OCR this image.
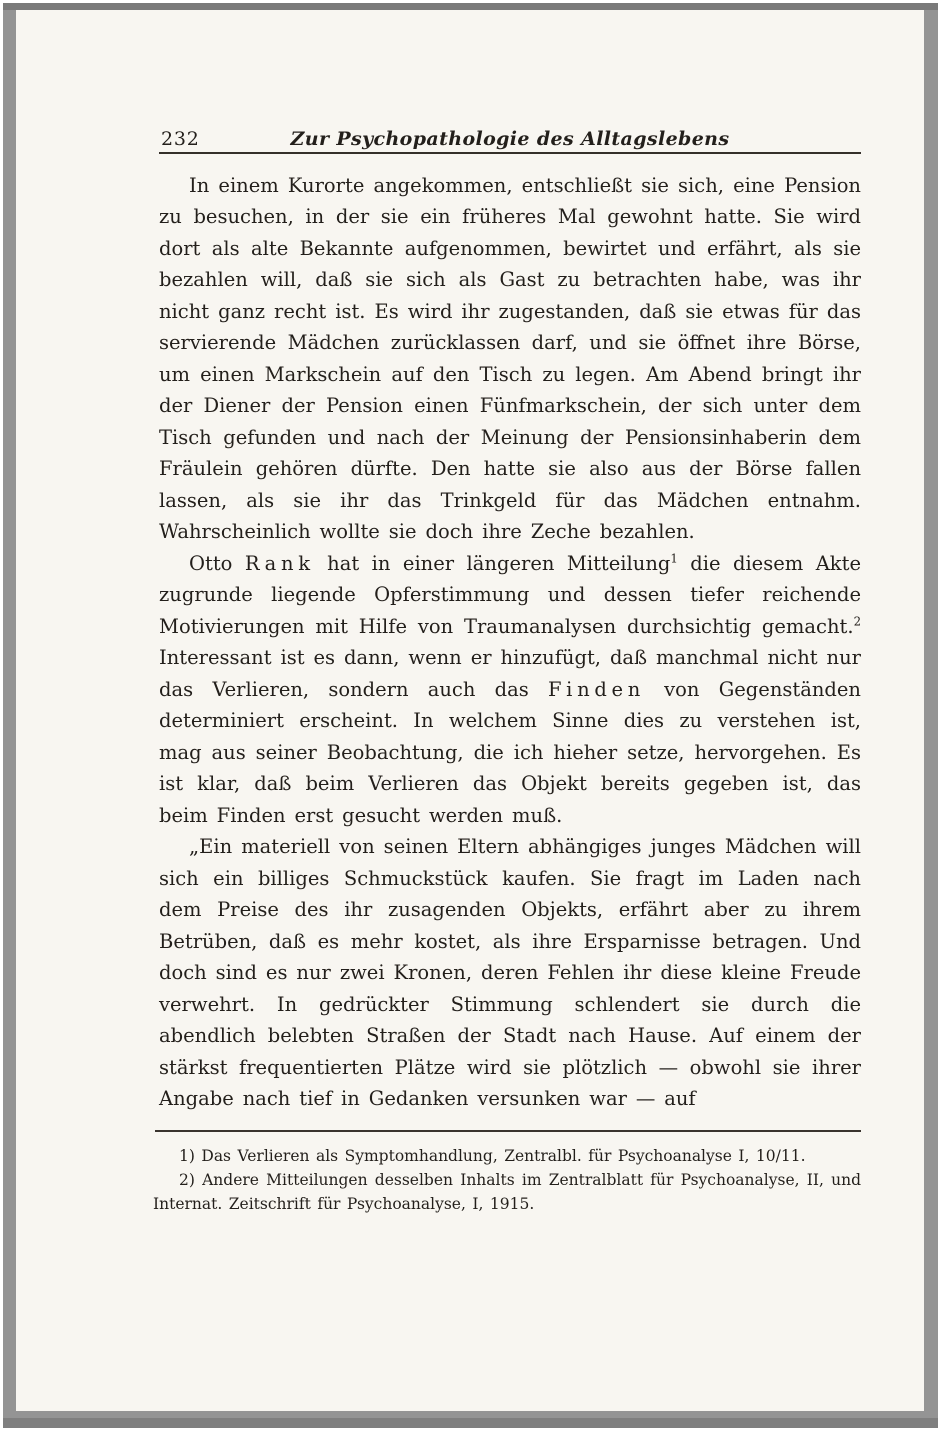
232	Zur Psychopathologie des Alltagslebens

In einem Kurorte angekommen, entschließt sie sich, eine Pension zu besuchen, in der sie ein früheres Mal gewohnt hatte. Sie wird dort als alte Bekannte aufgenommen, bewirtet und erfährt, als sie bezahlen will, daß sie sich als Gast zu betrachten habe, was ihr nicht ganz recht ist. Es wird ihr zugestanden, daß sie etwas für das servierende Mädchen zurücklassen darf, und sie öffnet ihre Börse, um einen Markschein auf den Tisch zu legen. Am Abend bringt ihr der Diener der Pension einen Fünfmarkschein, der sich unter dem Tisch gefunden und nach der Meinung der Pensionsinhaberin dem Fräulein gehören dürfte. Den hatte sie also aus der Börse fallen lassen, als sie ihr das Trinkgeld für das Mädchen entnahm. Wahrscheinlich wollte sie doch ihre Zeche bezahlen.

Otto Rank hat in einer längeren Mitteilung$^1$ die diesem Akte zugrunde liegende Opferstimmung und dessen tiefer reichende Motivierungen mit Hilfe von Traumanalysen durchsichtig gemacht.$^2$ Interessant ist es dann, wenn er hinzufügt, daß manchmal nicht nur das Verlieren, sondern auch das Finden von Gegenständen determiniert erscheint. In welchem Sinne dies zu verstehen ist, mag aus seiner Beobachtung, die ich hieher setze, hervorgehen. Es ist klar, daß beim Verlieren das Objekt bereits gegeben ist, das beim Finden erst gesucht werden muß.

„Ein materiell von seinen Eltern abhängiges junges Mädchen will sich ein billiges Schmuckstück kaufen. Sie fragt im Laden nach dem Preise des ihr zusagenden Objekts, erfährt aber zu ihrem Betrüben, daß es mehr kostet, als ihre Ersparnisse betragen. Und doch sind es nur zwei Kronen, deren Fehlen ihr diese kleine Freude verwehrt. In gedrückter Stimmung schlendert sie durch die abendlich belebten Straßen der Stadt nach Hause. Auf einem der stärkst frequentierten Plätze wird sie plötzlich — obwohl sie ihrer Angabe nach tief in Gedanken versunken war — auf

1) Das Verlieren als Symptomhandlung, Zentralbl. für Psychoanalyse I, 10/11.

2) Andere Mitteilungen desselben Inhalts im Zentralblatt für Psychoanalyse, II, und Internat. Zeitschrift für Psychoanalyse, I, 1915.
